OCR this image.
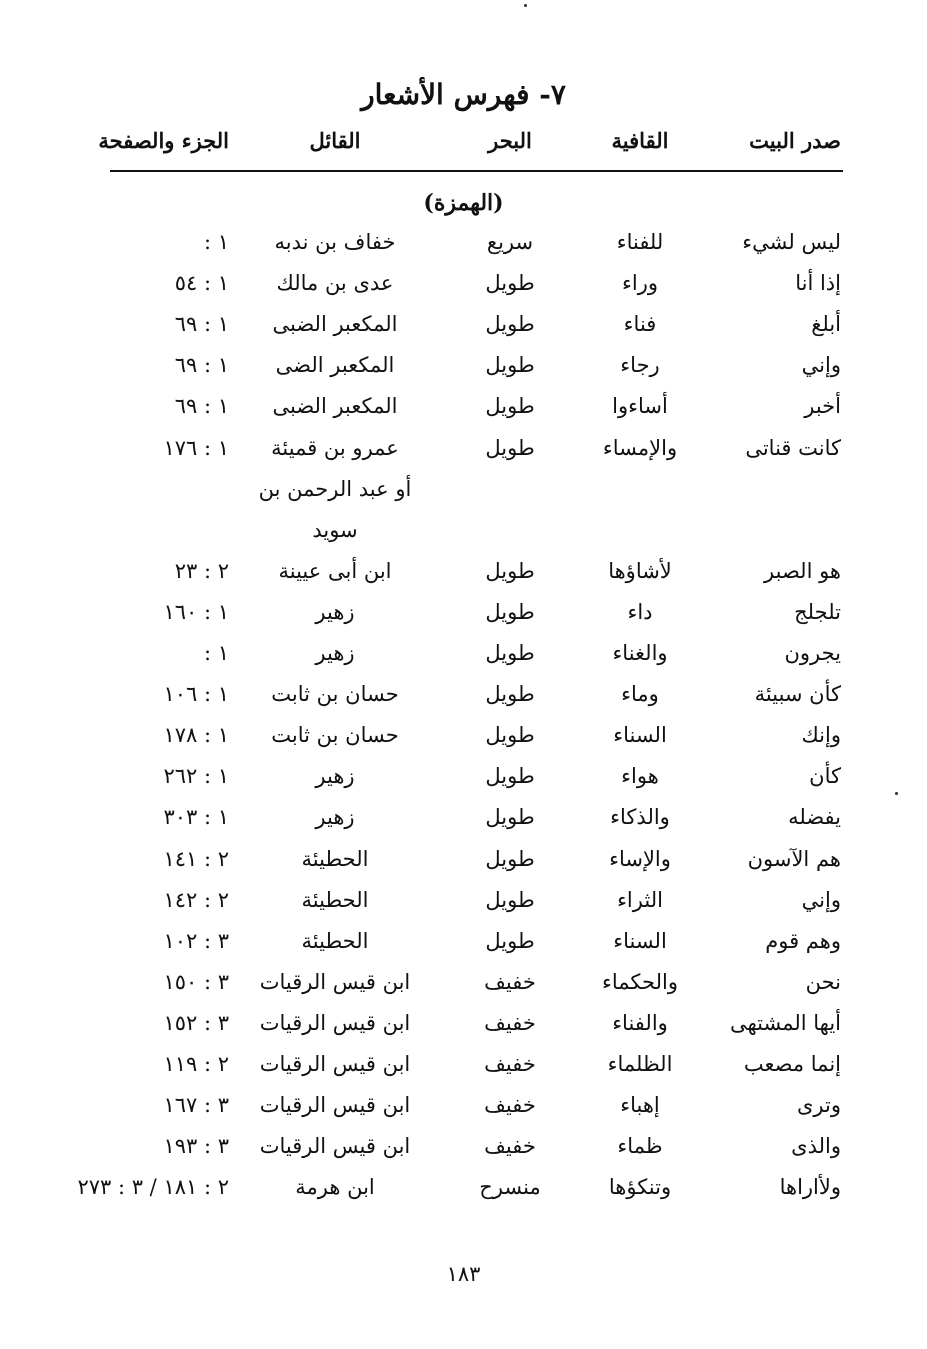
٧- فهرس الأشعار
صدر البيت
القافية
البحر
القائل
الجزء والصفحة
(الهمزة)
ليس لشيء
للفناء
سريع
خفاف بن ندبه
١ :
إذا أنا
وراء
طويل
عدى بن مالك
١ : ٥٤
أبلغ
فناء
طويل
المكعبر الضبى
١ : ٦٩
وإني
رجاء
طويل
المكعبر الضى
١ : ٦٩
أخبر
أساءوا
طويل
المكعبر الضبى
١ : ٦٩
كانت قناتى
والإمساء
طويل
عمرو بن قميئة
١ : ١٧٦
أو عبد الرحمن بن
سويد
هو الصبر
لأشاؤها
طويل
ابن أبى عيينة
٢ : ٢٣
تلجلج
داء
طويل
زهير
١ : ١٦٠
يجرون
والغناء
طويل
زهير
١ :
كأن سبيئة
وماء
طويل
حسان بن ثابت
١ : ١٠٦
وإنك
السناء
طويل
حسان بن ثابت
١ : ١٧٨
كأن
هواء
طويل
زهير
١ : ٢٦٢
يفضله
والذكاء
طويل
زهير
١ : ٣٠٣
هم الآسون
والإساء
طويل
الحطيئة
٢ : ١٤١
وإني
الثراء
طويل
الحطيئة
٢ : ١٤٢
وهم قوم
السناء
طويل
الحطيئة
٣ : ١٠٢
نحن
والحكماء
خفيف
ابن قيس الرقيات
٣ : ١٥٠
أيها المشتهى
والفناء
خفيف
ابن قيس الرقيات
٣ : ١٥٢
إنما مصعب
الظلماء
خفيف
ابن قيس الرقيات
٢ : ١١٩
وترى
إهباء
خفيف
ابن قيس الرقيات
٣ : ١٦٧
والذى
ظماء
خفيف
ابن قيس الرقيات
٣ : ١٩٣
ولأاراها
وتنكؤها
منسرح
ابن هرمة
٢ : ١٨١ / ٣ : ٢٧٣
١٨٣
